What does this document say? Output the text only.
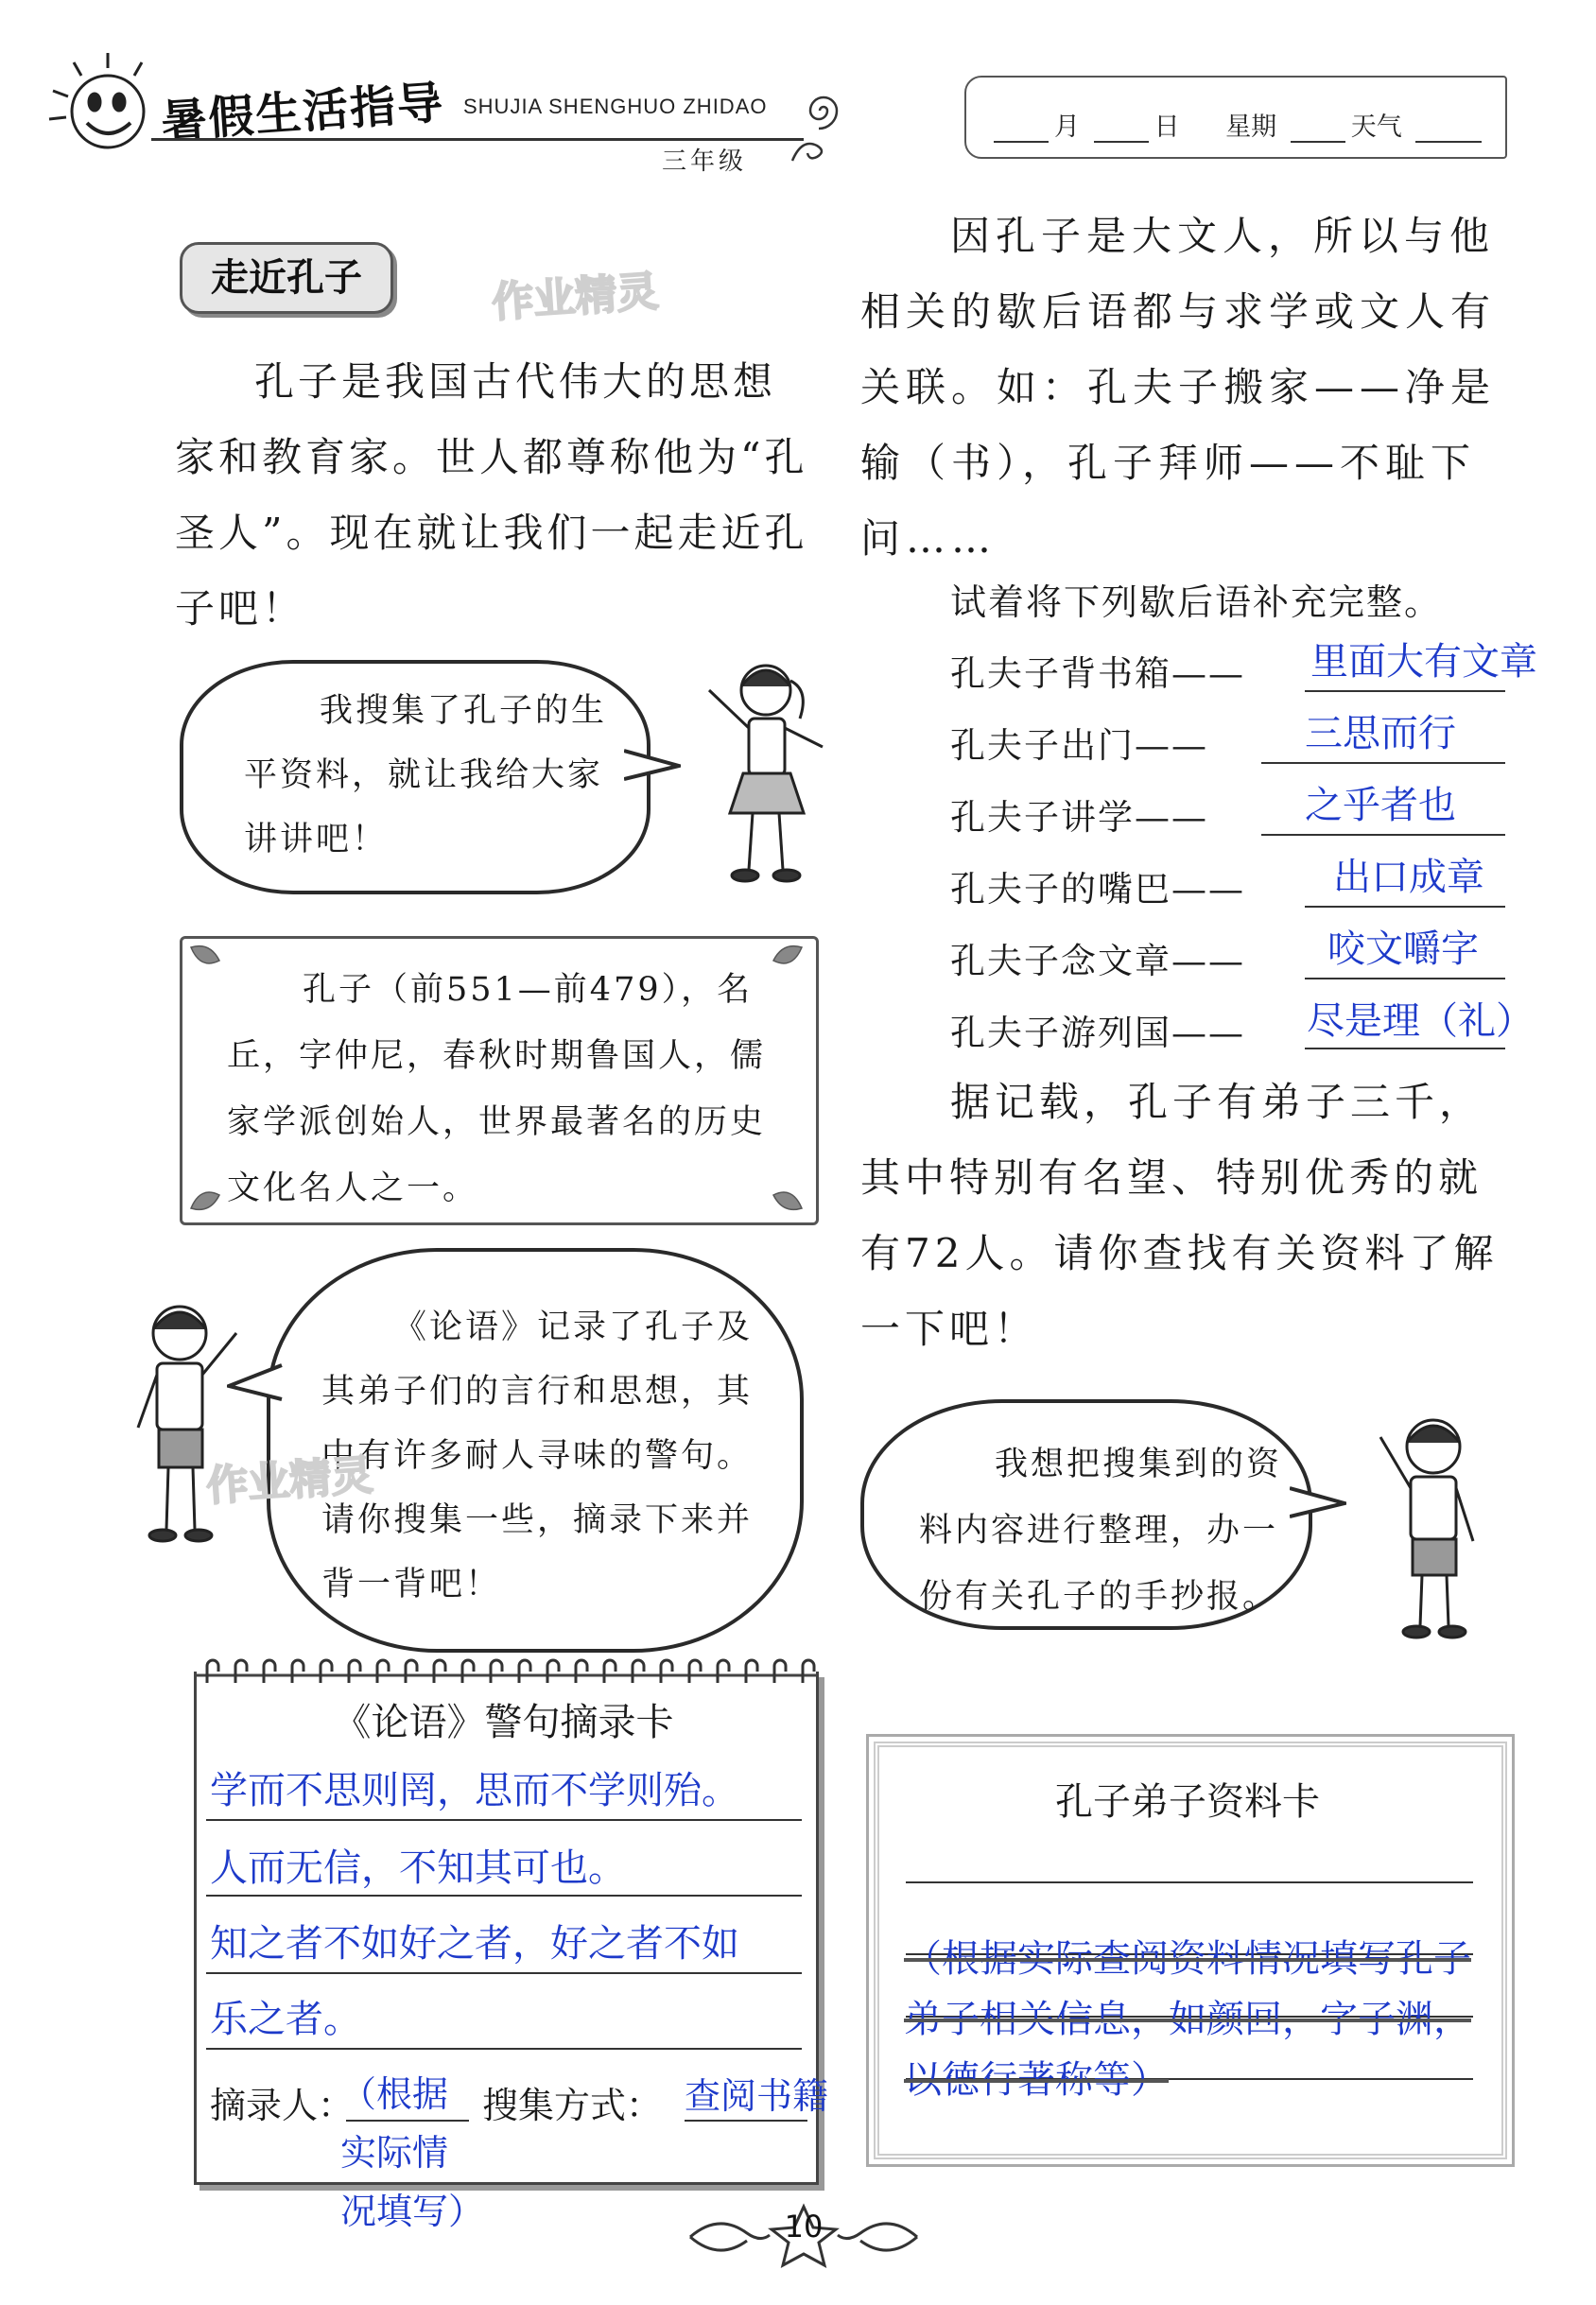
暑假生活指导 SHUJIA SHENGHUO ZHIDAO
三年级
月	日 星期	天气
走近孔子	作业精灵
孔子是我国古代伟大的思想家和教育家。世人都尊称他为“孔圣人”。现在就让我们一起走近孔子吧！
我搜集了孔子的生平资料，就让我给大家讲讲吧！
孔子（前551—前479），名丘，字仲尼，春秋时期鲁国人，儒家学派创始人，世界最著名的历史文化名人之一。
《论语》记录了孔子及其弟子们的言行和思想，其中有许多耐人寻味的警句。请你搜集一些，摘录下来并背一背吧！
作业精灵
《论语》警句摘录卡
学而不思则罔，思而不学则殆。
人而无信，不知其可也。
知之者不如好之者，好之者不如
乐之者。
摘录人：
（根据实际情况填写）
搜集方式： 查阅书籍
因孔子是大文人，所以与他相关的歇后语都与求学或文人有关联。如：孔夫子搬家——净是输（书），孔子拜师——不耻下问……
试着将下列歇后语补充完整。
孔夫子背书箱—— 里面大有文章
孔夫子出门——	三思而行
孔夫子讲学——	之乎者也
孔夫子的嘴巴—— 出口成章
孔夫子念文章—— 咬文嚼字
孔夫子游列国—— 尽是理（礼）
据记载，孔子有弟子三千，其中特别有名望、特别优秀的就有72人。请你查找有关资料了解一下吧！
我想把搜集到的资料内容进行整理，办一份有关孔子的手抄报。
孔子弟子资料卡
（根据实际查阅资料情况填写孔子弟子相关信息，如颜回，字子渊，以德行著称等）
10
